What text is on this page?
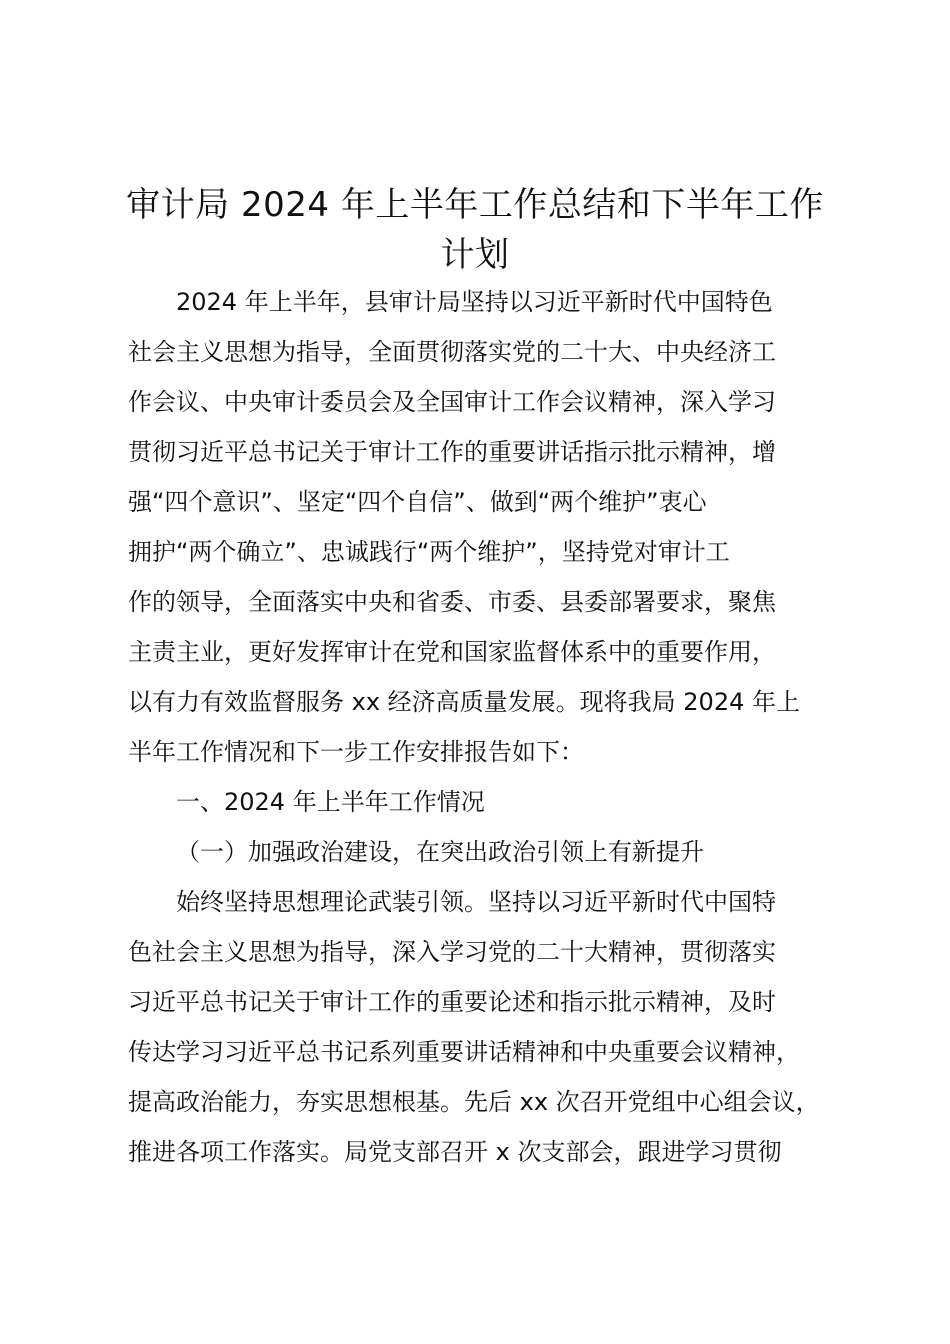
审计局 2024 年上半年工作总结和下半年工作
计划

2024 年上半年，县审计局坚持以习近平新时代中国特色

社会主义思想为指导，全面贯彻落实党的二十大、中央经济工

作会议、中央审计委员会及全国审计工作会议精神，深入学习

贯彻习近平总书记关于审计工作的重要讲话指示批示精神，增

强“四个意识”、坚定“四个自信”、做到“两个维护”衷心

拥护“两个确立”、忠诚践行“两个维护”，坚持党对审计工

作的领导，全面落实中央和省委、市委、县委部署要求，聚焦

主责主业，更好发挥审计在党和国家监督体系中的重要作用，

以有力有效监督服务 xx 经济高质量发展。现将我局 2024 年上

半年工作情况和下一步工作安排报告如下：

一、2024 年上半年工作情况

（一）加强政治建设，在突出政治引领上有新提升

始终坚持思想理论武装引领。坚持以习近平新时代中国特

色社会主义思想为指导，深入学习党的二十大精神，贯彻落实

习近平总书记关于审计工作的重要论述和指示批示精神，及时

传达学习习近平总书记系列重要讲话精神和中央重要会议精神，

提高政治能力，夯实思想根基。先后 xx 次召开党组中心组会议，

推进各项工作落实。局党支部召开 x 次支部会，跟进学习贯彻
